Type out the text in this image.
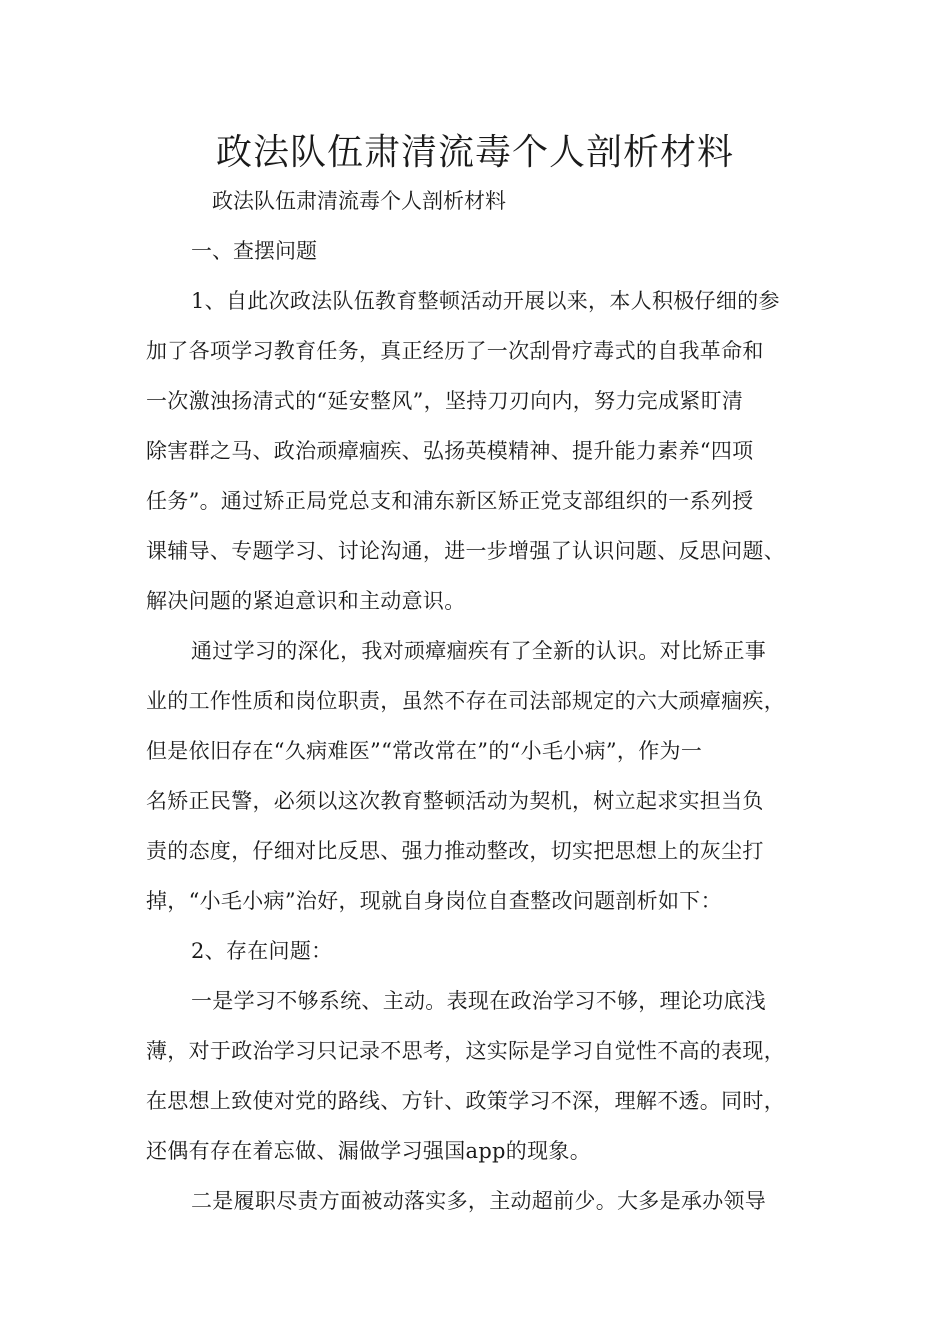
政法队伍肃清流毒个人剖析材料
政法队伍肃清流毒个人剖析材料
一、查摆问题
1、自此次政法队伍教育整顿活动开展以来，本人积极仔细的参
加了各项学习教育任务，真正经历了一次刮骨疗毒式的自我革命和
一次激浊扬清式的“延安整风”，坚持刀刃向内，努力完成紧盯清
除害群之马、政治顽瘴痼疾、弘扬英模精神、提升能力素养“四项
任务”。通过矫正局党总支和浦东新区矫正党支部组织的一系列授
课辅导、专题学习、讨论沟通，进一步增强了认识问题、反思问题、
解决问题的紧迫意识和主动意识。
通过学习的深化，我对顽瘴痼疾有了全新的认识。对比矫正事
业的工作性质和岗位职责，虽然不存在司法部规定的六大顽瘴痼疾，
但是依旧存在“久病难医”“常改常在”的“小毛小病”，作为一
名矫正民警，必须以这次教育整顿活动为契机，树立起求实担当负
责的态度，仔细对比反思、强力推动整改，切实把思想上的灰尘打
掉，“小毛小病”治好，现就自身岗位自查整改问题剖析如下：
2、存在问题：
一是学习不够系统、主动。表现在政治学习不够，理论功底浅
薄，对于政治学习只记录不思考，这实际是学习自觉性不高的表现，
在思想上致使对党的路线、方针、政策学习不深，理解不透。同时，
还偶有存在着忘做、漏做学习强国app的现象。
二是履职尽责方面被动落实多，主动超前少。大多是承办领导
